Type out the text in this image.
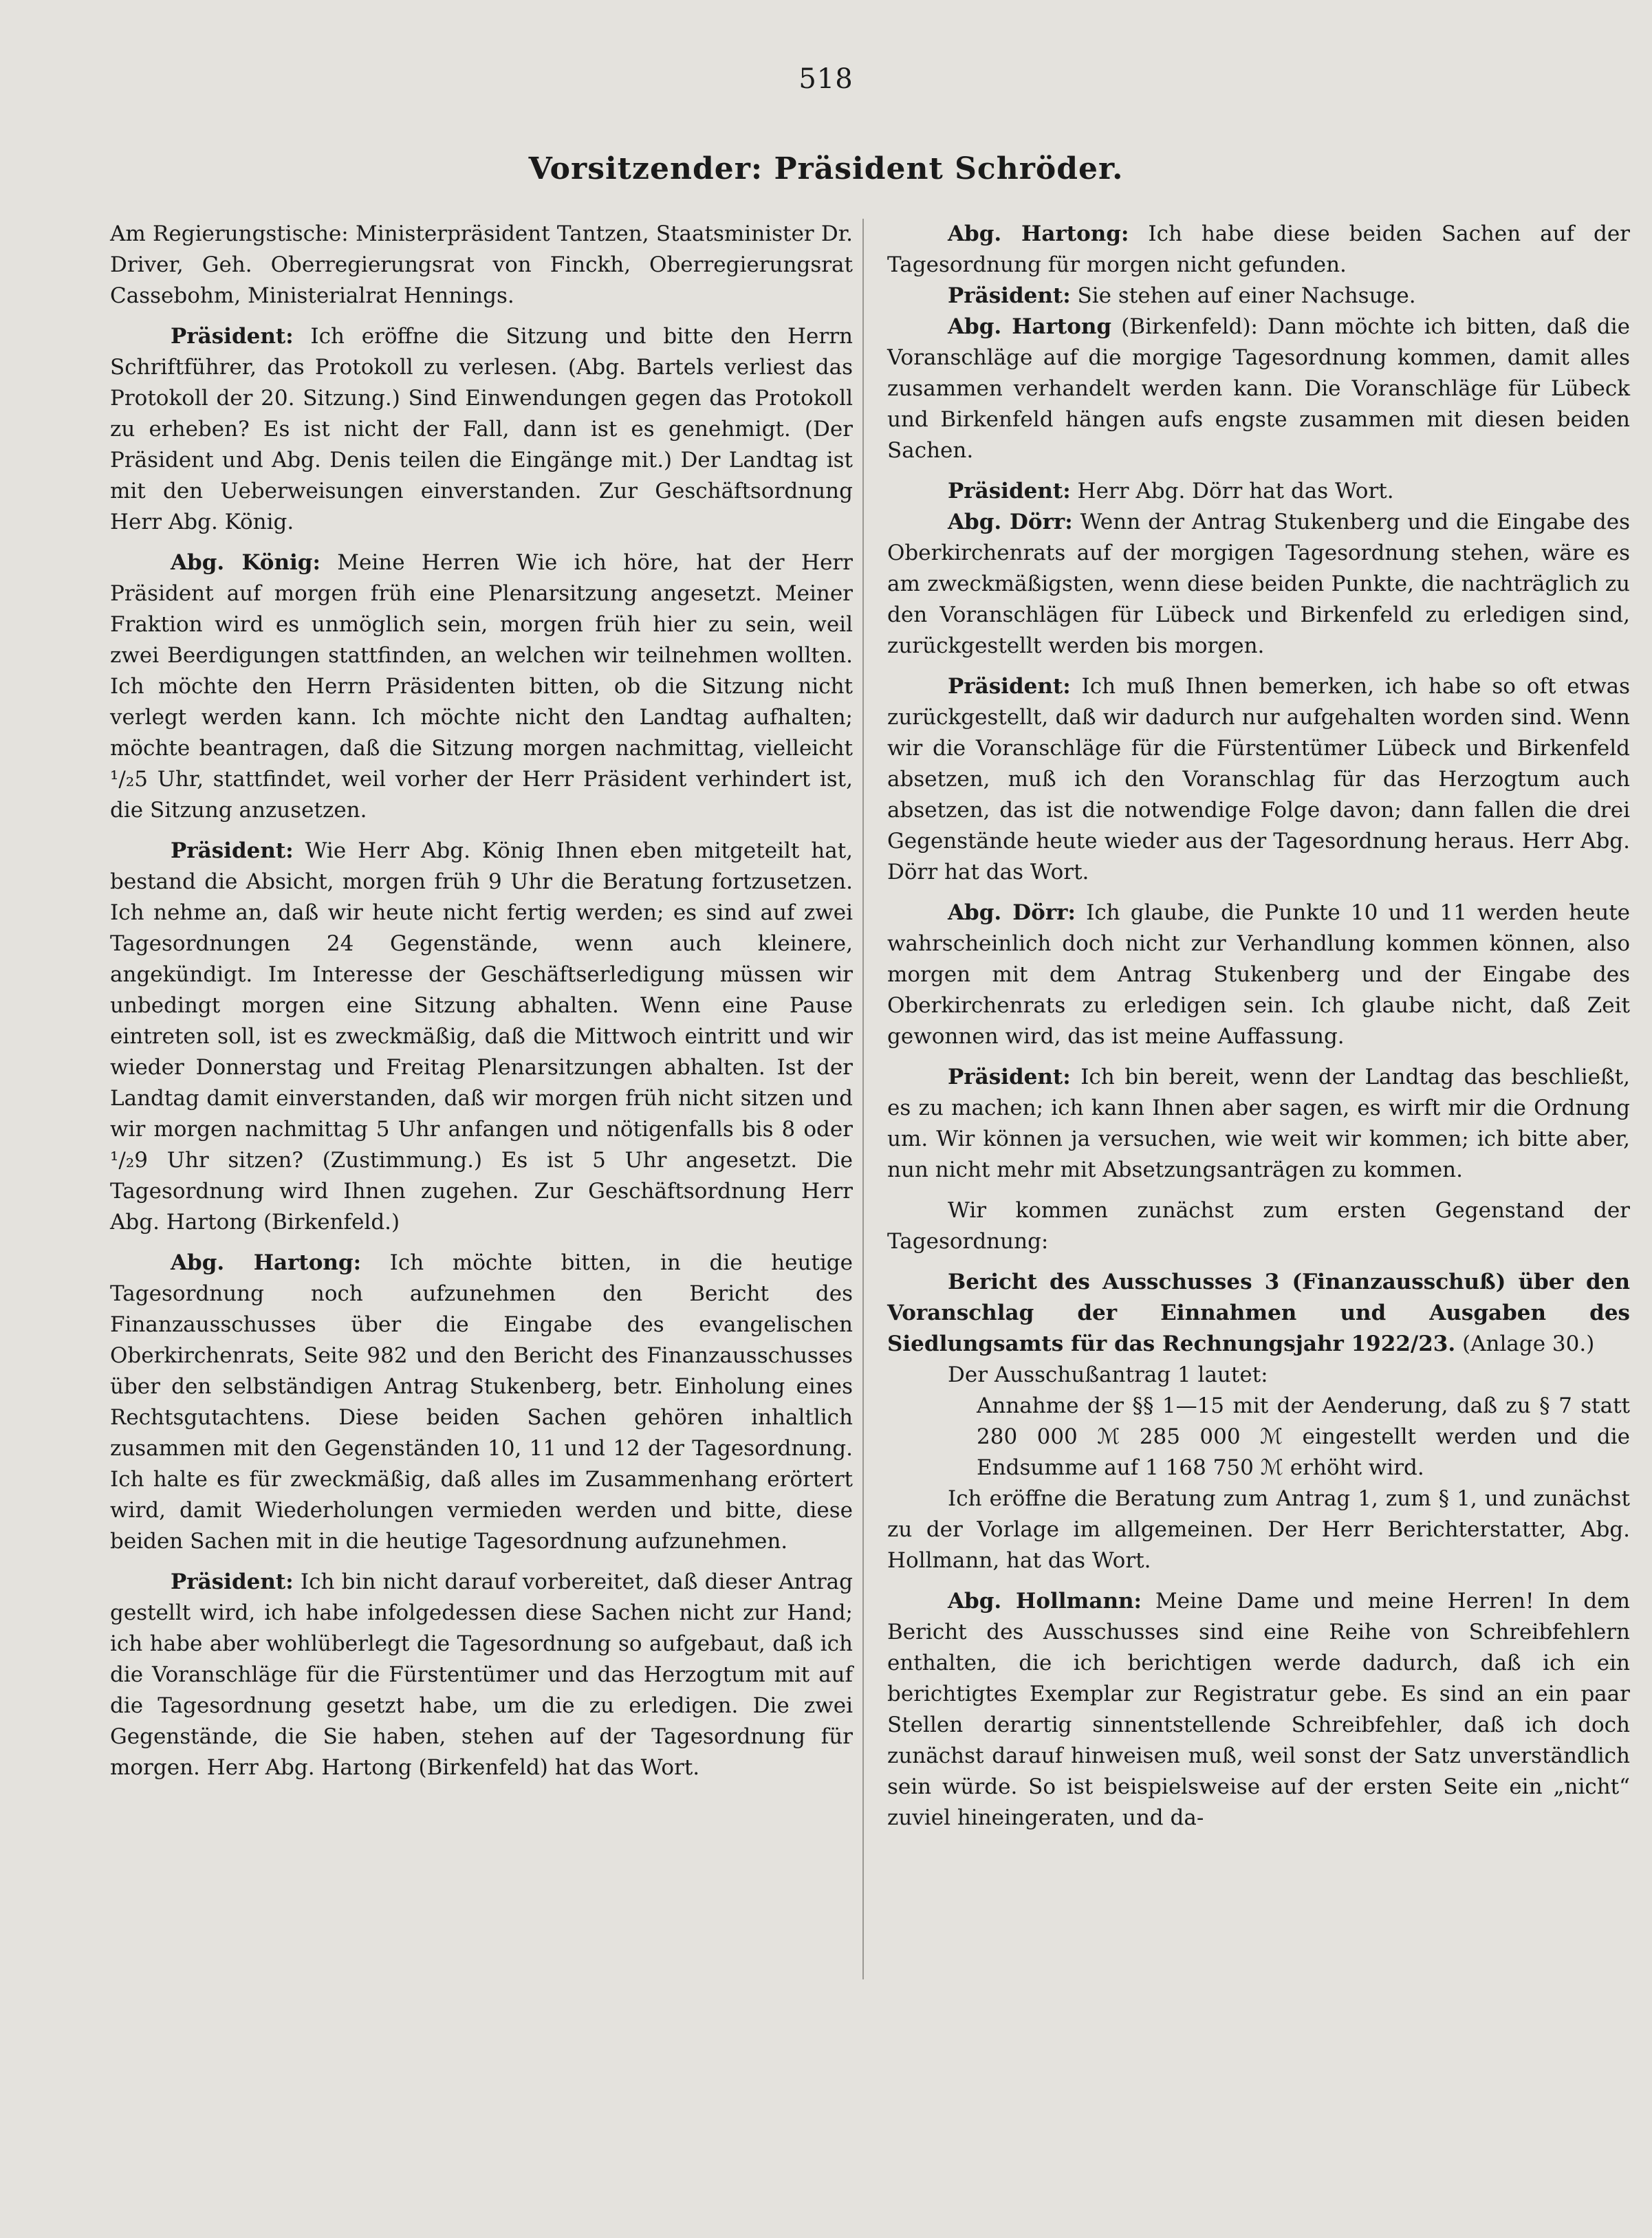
518
Vorsitzender: Präsident Schröder.

Am Regierungstische: Ministerpräsident Tantzen, Staatsminister Dr. Driver, Geh. Oberregierungsrat von Finckh, Oberregierungsrat Cassebohm, Ministerialrat Hennings.

Präsident: Ich eröffne die Sitzung und bitte den Herrn Schriftführer, das Protokoll zu verlesen. (Abg. Bartels verliest das Protokoll der 20. Sitzung.) Sind Einwendungen gegen das Protokoll zu erheben? Es ist nicht der Fall, dann ist es genehmigt. (Der Präsident und Abg. Denis teilen die Eingänge mit.) Der Landtag ist mit den Ueberweisungen einverstanden. Zur Geschäftsordnung Herr Abg. König.

Abg. König: Meine Herren Wie ich höre, hat der Herr Präsident auf morgen früh eine Plenarsitzung angesetzt. Meiner Fraktion wird es unmöglich sein, morgen früh hier zu sein, weil zwei Beerdigungen stattfinden, an welchen wir teilnehmen wollten. Ich möchte den Herrn Präsidenten bitten, ob die Sitzung nicht verlegt werden kann. Ich möchte nicht den Landtag aufhalten; möchte beantragen, daß die Sitzung morgen nachmittag, vielleicht ¹/₂5 Uhr, stattfindet, weil vorher der Herr Präsident verhindert ist, die Sitzung anzusetzen.

Präsident: Wie Herr Abg. König Ihnen eben mitgeteilt hat, bestand die Absicht, morgen früh 9 Uhr die Beratung fortzusetzen. Ich nehme an, daß wir heute nicht fertig werden; es sind auf zwei Tagesordnungen 24 Gegenstände, wenn auch kleinere, angekündigt. Im Interesse der Geschäftserledigung müssen wir unbedingt morgen eine Sitzung abhalten. Wenn eine Pause eintreten soll, ist es zweckmäßig, daß die Mittwoch eintritt und wir wieder Donnerstag und Freitag Plenarsitzungen abhalten. Ist der Landtag damit einverstanden, daß wir morgen früh nicht sitzen und wir morgen nachmittag 5 Uhr anfangen und nötigenfalls bis 8 oder ¹/₂9 Uhr sitzen? (Zustimmung.) Es ist 5 Uhr angesetzt. Die Tagesordnung wird Ihnen zugehen. Zur Geschäftsordnung Herr Abg. Hartong (Birkenfeld.)

Abg. Hartong: Ich möchte bitten, in die heutige Tagesordnung noch aufzunehmen den Bericht des Finanzausschusses über die Eingabe des evangelischen Oberkirchenrats, Seite 982 und den Bericht des Finanzausschusses über den selbständigen Antrag Stukenberg, betr. Einholung eines Rechtsgutachtens. Diese beiden Sachen gehören inhaltlich zusammen mit den Gegenständen 10, 11 und 12 der Tagesordnung. Ich halte es für zweckmäßig, daß alles im Zusammenhang erörtert wird, damit Wiederholungen vermieden werden und bitte, diese beiden Sachen mit in die heutige Tagesordnung aufzunehmen.

Präsident: Ich bin nicht darauf vorbereitet, daß dieser Antrag gestellt wird, ich habe infolgedessen diese Sachen nicht zur Hand; ich habe aber wohlüberlegt die Tagesordnung so aufgebaut, daß ich die Voranschläge für die Fürstentümer und das Herzogtum mit auf die Tagesordnung gesetzt habe, um die zu erledigen. Die zwei Gegenstände, die Sie haben, stehen auf der Tagesordnung für morgen. Herr Abg. Hartong (Birkenfeld) hat das Wort.

Abg. Hartong: Ich habe diese beiden Sachen auf der Tagesordnung für morgen nicht gefunden.

Präsident: Sie stehen auf einer Nachsuge.

Abg. Hartong (Birkenfeld): Dann möchte ich bitten, daß die Voranschläge auf die morgige Tagesordnung kommen, damit alles zusammen verhandelt werden kann. Die Voranschläge für Lübeck und Birkenfeld hängen aufs engste zusammen mit diesen beiden Sachen.

Präsident: Herr Abg. Dörr hat das Wort.

Abg. Dörr: Wenn der Antrag Stukenberg und die Eingabe des Oberkirchenrats auf der morgigen Tagesordnung stehen, wäre es am zweckmäßigsten, wenn diese beiden Punkte, die nachträglich zu den Voranschlägen für Lübeck und Birkenfeld zu erledigen sind, zurückgestellt werden bis morgen.

Präsident: Ich muß Ihnen bemerken, ich habe so oft etwas zurückgestellt, daß wir dadurch nur aufgehalten worden sind. Wenn wir die Voranschläge für die Fürstentümer Lübeck und Birkenfeld absetzen, muß ich den Voranschlag für das Herzogtum auch absetzen, das ist die notwendige Folge davon; dann fallen die drei Gegenstände heute wieder aus der Tagesordnung heraus. Herr Abg. Dörr hat das Wort.

Abg. Dörr: Ich glaube, die Punkte 10 und 11 werden heute wahrscheinlich doch nicht zur Verhandlung kommen können, also morgen mit dem Antrag Stukenberg und der Eingabe des Oberkirchenrats zu erledigen sein. Ich glaube nicht, daß Zeit gewonnen wird, das ist meine Auffassung.

Präsident: Ich bin bereit, wenn der Landtag das beschließt, es zu machen; ich kann Ihnen aber sagen, es wirft mir die Ordnung um. Wir können ja versuchen, wie weit wir kommen; ich bitte aber, nun nicht mehr mit Absetzungsanträgen zu kommen.

Wir kommen zunächst zum ersten Gegenstand der Tagesordnung:

Bericht des Ausschusses 3 (Finanzausschuß) über den Voranschlag der Einnahmen und Ausgaben des Siedlungsamts für das Rechnungsjahr 1922/23. (Anlage 30.)

Der Ausschußantrag 1 lautet:

Annahme der §§ 1—15 mit der Aenderung, daß zu § 7 statt 280 000 ℳ 285 000 ℳ eingestellt werden und die Endsumme auf 1 168 750 ℳ erhöht wird.

Ich eröffne die Beratung zum Antrag 1, zum § 1, und zunächst zu der Vorlage im allgemeinen. Der Herr Berichterstatter, Abg. Hollmann, hat das Wort.

Abg. Hollmann: Meine Dame und meine Herren! In dem Bericht des Ausschusses sind eine Reihe von Schreibfehlern enthalten, die ich berichtigen werde dadurch, daß ich ein berichtigtes Exemplar zur Registratur gebe. Es sind an ein paar Stellen derartig sinnentstellende Schreibfehler, daß ich doch zunächst darauf hinweisen muß, weil sonst der Satz unverständlich sein würde. So ist beispielsweise auf der ersten Seite ein „nicht“ zuviel hineingeraten, und da-
